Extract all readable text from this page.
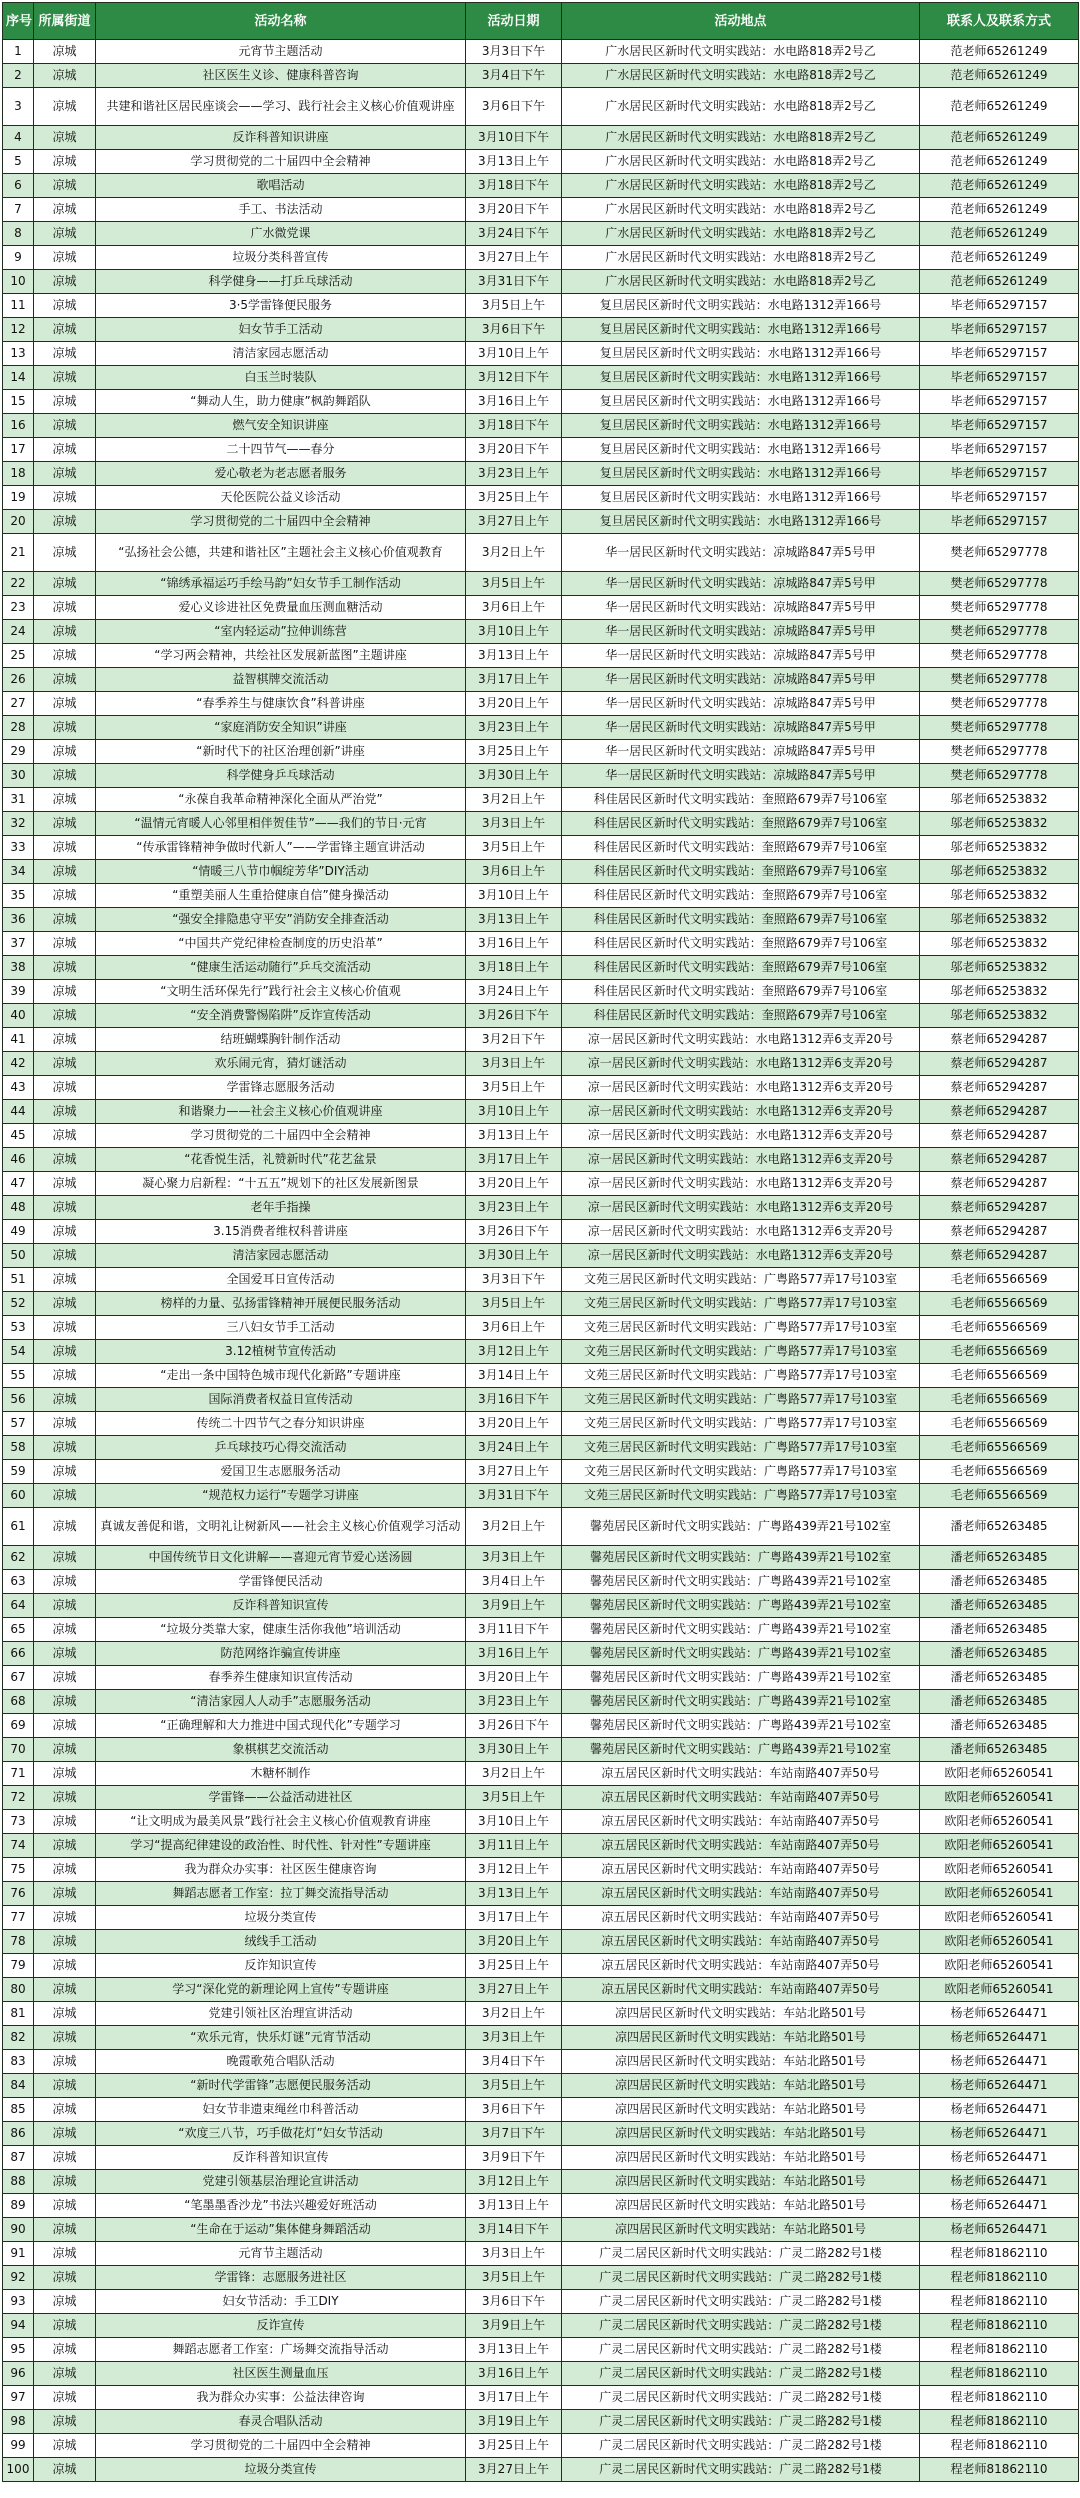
序号	所属街道	活动名称	活动日期	活动地点	联系人及联系方式
1	凉城	元宵节主题活动	3月3日下午	广水居民区新时代文明实践站：水电路818弄2号乙	范老师65261249
2	凉城	社区医生义诊、健康科普咨询	3月4日下午	广水居民区新时代文明实践站：水电路818弄2号乙	范老师65261249
3	凉城	共建和谐社区居民座谈会——学习、践行社会主义核心价值观讲座	3月6日下午	广水居民区新时代文明实践站：水电路818弄2号乙	范老师65261249
4	凉城	反诈科普知识讲座	3月10日下午	广水居民区新时代文明实践站：水电路818弄2号乙	范老师65261249
5	凉城	学习贯彻党的二十届四中全会精神	3月13日上午	广水居民区新时代文明实践站：水电路818弄2号乙	范老师65261249
6	凉城	歌唱活动	3月18日下午	广水居民区新时代文明实践站：水电路818弄2号乙	范老师65261249
7	凉城	手工、书法活动	3月20日下午	广水居民区新时代文明实践站：水电路818弄2号乙	范老师65261249
8	凉城	广水微党课	3月24日下午	广水居民区新时代文明实践站：水电路818弄2号乙	范老师65261249
9	凉城	垃圾分类科普宣传	3月27日上午	广水居民区新时代文明实践站：水电路818弄2号乙	范老师65261249
10	凉城	科学健身——打乒乓球活动	3月31日下午	广水居民区新时代文明实践站：水电路818弄2号乙	范老师65261249
11	凉城	3·5学雷锋便民服务	3月5日上午	复旦居民区新时代文明实践站：水电路1312弄166号	毕老师65297157
12	凉城	妇女节手工活动	3月6日下午	复旦居民区新时代文明实践站：水电路1312弄166号	毕老师65297157
13	凉城	清洁家园志愿活动	3月10日上午	复旦居民区新时代文明实践站：水电路1312弄166号	毕老师65297157
14	凉城	白玉兰时装队	3月12日下午	复旦居民区新时代文明实践站：水电路1312弄166号	毕老师65297157
15	凉城	“舞动人生，助力健康”枫韵舞蹈队	3月16日上午	复旦居民区新时代文明实践站：水电路1312弄166号	毕老师65297157
16	凉城	燃气安全知识讲座	3月18日下午	复旦居民区新时代文明实践站：水电路1312弄166号	毕老师65297157
17	凉城	二十四节气——春分	3月20日下午	复旦居民区新时代文明实践站：水电路1312弄166号	毕老师65297157
18	凉城	爱心敬老为老志愿者服务	3月23日上午	复旦居民区新时代文明实践站：水电路1312弄166号	毕老师65297157
19	凉城	天伦医院公益义诊活动	3月25日上午	复旦居民区新时代文明实践站：水电路1312弄166号	毕老师65297157
20	凉城	学习贯彻党的二十届四中全会精神	3月27日上午	复旦居民区新时代文明实践站：水电路1312弄166号	毕老师65297157
21	凉城	“弘扬社会公德，共建和谐社区”主题社会主义核心价值观教育	3月2日上午	华一居民区新时代文明实践站：凉城路847弄5号甲	樊老师65297778
22	凉城	“锦绣承福运巧手绘马韵”妇女节手工制作活动	3月5日上午	华一居民区新时代文明实践站：凉城路847弄5号甲	樊老师65297778
23	凉城	爱心义诊进社区免费量血压测血糖活动	3月6日上午	华一居民区新时代文明实践站：凉城路847弄5号甲	樊老师65297778
24	凉城	“室内轻运动”拉伸训练营	3月10日上午	华一居民区新时代文明实践站：凉城路847弄5号甲	樊老师65297778
25	凉城	“学习两会精神，共绘社区发展新蓝图”主题讲座	3月13日上午	华一居民区新时代文明实践站：凉城路847弄5号甲	樊老师65297778
26	凉城	益智棋牌交流活动	3月17日上午	华一居民区新时代文明实践站：凉城路847弄5号甲	樊老师65297778
27	凉城	“春季养生与健康饮食”科普讲座	3月20日上午	华一居民区新时代文明实践站：凉城路847弄5号甲	樊老师65297778
28	凉城	“家庭消防安全知识”讲座	3月23日上午	华一居民区新时代文明实践站：凉城路847弄5号甲	樊老师65297778
29	凉城	“新时代下的社区治理创新”讲座	3月25日上午	华一居民区新时代文明实践站：凉城路847弄5号甲	樊老师65297778
30	凉城	科学健身乒乓球活动	3月30日上午	华一居民区新时代文明实践站：凉城路847弄5号甲	樊老师65297778
31	凉城	“永葆自我革命精神深化全面从严治党”	3月2日上午	科佳居民区新时代文明实践站：奎照路679弄7号106室	邬老师65253832
32	凉城	“温情元宵暖人心邻里相伴贺佳节”——我们的节日·元宵	3月3日上午	科佳居民区新时代文明实践站：奎照路679弄7号106室	邬老师65253832
33	凉城	“传承雷锋精神争做时代新人”——学雷锋主题宣讲活动	3月5日上午	科佳居民区新时代文明实践站：奎照路679弄7号106室	邬老师65253832
34	凉城	“情暖三八节巾帼绽芳华”DIY活动	3月6日上午	科佳居民区新时代文明实践站：奎照路679弄7号106室	邬老师65253832
35	凉城	“重塑美丽人生重拾健康自信”健身操活动	3月10日上午	科佳居民区新时代文明实践站：奎照路679弄7号106室	邬老师65253832
36	凉城	“强安全排隐患守平安”消防安全排查活动	3月13日上午	科佳居民区新时代文明实践站：奎照路679弄7号106室	邬老师65253832
37	凉城	“中国共产党纪律检查制度的历史沿革”	3月16日上午	科佳居民区新时代文明实践站：奎照路679弄7号106室	邬老师65253832
38	凉城	“健康生活运动随行”乒乓交流活动	3月18日上午	科佳居民区新时代文明实践站：奎照路679弄7号106室	邬老师65253832
39	凉城	“文明生活环保先行”践行社会主义核心价值观	3月24日上午	科佳居民区新时代文明实践站：奎照路679弄7号106室	邬老师65253832
40	凉城	“安全消费警惕陷阱”反诈宣传活动	3月26日下午	科佳居民区新时代文明实践站：奎照路679弄7号106室	邬老师65253832
41	凉城	结班蝴蝶胸针制作活动	3月2日下午	凉一居民区新时代文明实践站：水电路1312弄6支弄20号	蔡老师65294287
42	凉城	欢乐闹元宵，猜灯谜活动	3月3日上午	凉一居民区新时代文明实践站：水电路1312弄6支弄20号	蔡老师65294287
43	凉城	学雷锋志愿服务活动	3月5日上午	凉一居民区新时代文明实践站：水电路1312弄6支弄20号	蔡老师65294287
44	凉城	和谐聚力——社会主义核心价值观讲座	3月10日上午	凉一居民区新时代文明实践站：水电路1312弄6支弄20号	蔡老师65294287
45	凉城	学习贯彻党的二十届四中全会精神	3月13日上午	凉一居民区新时代文明实践站：水电路1312弄6支弄20号	蔡老师65294287
46	凉城	“花香悦生活，礼赞新时代”花艺盆景	3月17日上午	凉一居民区新时代文明实践站：水电路1312弄6支弄20号	蔡老师65294287
47	凉城	凝心聚力启新程：“十五五”规划下的社区发展新图景	3月20日上午	凉一居民区新时代文明实践站：水电路1312弄6支弄20号	蔡老师65294287
48	凉城	老年手指操	3月23日上午	凉一居民区新时代文明实践站：水电路1312弄6支弄20号	蔡老师65294287
49	凉城	3.15消费者维权科普讲座	3月26日下午	凉一居民区新时代文明实践站：水电路1312弄6支弄20号	蔡老师65294287
50	凉城	清洁家园志愿活动	3月30日上午	凉一居民区新时代文明实践站：水电路1312弄6支弄20号	蔡老师65294287
51	凉城	全国爱耳日宣传活动	3月3日下午	文苑三居民区新时代文明实践站：广粤路577弄17号103室	毛老师65566569
52	凉城	榜样的力量、弘扬雷锋精神开展便民服务活动	3月5日上午	文苑三居民区新时代文明实践站：广粤路577弄17号103室	毛老师65566569
53	凉城	三八妇女节手工活动	3月6日上午	文苑三居民区新时代文明实践站：广粤路577弄17号103室	毛老师65566569
54	凉城	3.12植树节宣传活动	3月12日上午	文苑三居民区新时代文明实践站：广粤路577弄17号103室	毛老师65566569
55	凉城	“走出一条中国特色城市现代化新路”专题讲座	3月14日上午	文苑三居民区新时代文明实践站：广粤路577弄17号103室	毛老师65566569
56	凉城	国际消费者权益日宣传活动	3月16日下午	文苑三居民区新时代文明实践站：广粤路577弄17号103室	毛老师65566569
57	凉城	传统二十四节气之春分知识讲座	3月20日上午	文苑三居民区新时代文明实践站：广粤路577弄17号103室	毛老师65566569
58	凉城	乒乓球技巧心得交流活动	3月24日上午	文苑三居民区新时代文明实践站：广粤路577弄17号103室	毛老师65566569
59	凉城	爱国卫生志愿服务活动	3月27日上午	文苑三居民区新时代文明实践站：广粤路577弄17号103室	毛老师65566569
60	凉城	“规范权力运行”专题学习讲座	3月31日下午	文苑三居民区新时代文明实践站：广粤路577弄17号103室	毛老师65566569
61	凉城	真诚友善促和谐，文明礼让树新风——社会主义核心价值观学习活动	3月2日上午	馨苑居民区新时代文明实践站：广粤路439弄21号102室	潘老师65263485
62	凉城	中国传统节日文化讲解——喜迎元宵节爱心送汤圆	3月3日上午	馨苑居民区新时代文明实践站：广粤路439弄21号102室	潘老师65263485
63	凉城	学雷锋便民活动	3月4日上午	馨苑居民区新时代文明实践站：广粤路439弄21号102室	潘老师65263485
64	凉城	反诈科普知识宣传	3月9日上午	馨苑居民区新时代文明实践站：广粤路439弄21号102室	潘老师65263485
65	凉城	“垃圾分类靠大家，健康生活你我他”培训活动	3月11日下午	馨苑居民区新时代文明实践站：广粤路439弄21号102室	潘老师65263485
66	凉城	防范网络诈骗宣传讲座	3月16日上午	馨苑居民区新时代文明实践站：广粤路439弄21号102室	潘老师65263485
67	凉城	春季养生健康知识宣传活动	3月20日上午	馨苑居民区新时代文明实践站：广粤路439弄21号102室	潘老师65263485
68	凉城	“清洁家园人人动手”志愿服务活动	3月23日上午	馨苑居民区新时代文明实践站：广粤路439弄21号102室	潘老师65263485
69	凉城	“正确理解和大力推进中国式现代化”专题学习	3月26日下午	馨苑居民区新时代文明实践站：广粤路439弄21号102室	潘老师65263485
70	凉城	象棋棋艺交流活动	3月30日上午	馨苑居民区新时代文明实践站：广粤路439弄21号102室	潘老师65263485
71	凉城	木糖杯制作	3月2日上午	凉五居民区新时代文明实践站：车站南路407弄50号	欧阳老师65260541
72	凉城	学雷锋——公益活动进社区	3月5日上午	凉五居民区新时代文明实践站：车站南路407弄50号	欧阳老师65260541
73	凉城	“让文明成为最美风景”践行社会主义核心价值观教育讲座	3月10日上午	凉五居民区新时代文明实践站：车站南路407弄50号	欧阳老师65260541
74	凉城	学习“提高纪律建设的政治性、时代性、针对性”专题讲座	3月11日上午	凉五居民区新时代文明实践站：车站南路407弄50号	欧阳老师65260541
75	凉城	我为群众办实事：社区医生健康咨询	3月12日上午	凉五居民区新时代文明实践站：车站南路407弄50号	欧阳老师65260541
76	凉城	舞蹈志愿者工作室：拉丁舞交流指导活动	3月13日上午	凉五居民区新时代文明实践站：车站南路407弄50号	欧阳老师65260541
77	凉城	垃圾分类宣传	3月17日上午	凉五居民区新时代文明实践站：车站南路407弄50号	欧阳老师65260541
78	凉城	绒线手工活动	3月20日上午	凉五居民区新时代文明实践站：车站南路407弄50号	欧阳老师65260541
79	凉城	反诈知识宣传	3月25日上午	凉五居民区新时代文明实践站：车站南路407弄50号	欧阳老师65260541
80	凉城	学习“深化党的新理论网上宣传”专题讲座	3月27日上午	凉五居民区新时代文明实践站：车站南路407弄50号	欧阳老师65260541
81	凉城	党建引领社区治理宣讲活动	3月2日上午	凉四居民区新时代文明实践站：车站北路501号	杨老师65264471
82	凉城	“欢乐元宵，快乐灯谜”元宵节活动	3月3日上午	凉四居民区新时代文明实践站：车站北路501号	杨老师65264471
83	凉城	晚霞歌苑合唱队活动	3月4日下午	凉四居民区新时代文明实践站：车站北路501号	杨老师65264471
84	凉城	“新时代学雷锋”志愿便民服务活动	3月5日上午	凉四居民区新时代文明实践站：车站北路501号	杨老师65264471
85	凉城	妇女节非遗束绳丝巾科普活动	3月6日下午	凉四居民区新时代文明实践站：车站北路501号	杨老师65264471
86	凉城	“欢度三八节，巧手做花灯”妇女节活动	3月7日下午	凉四居民区新时代文明实践站：车站北路501号	杨老师65264471
87	凉城	反诈科普知识宣传	3月9日下午	凉四居民区新时代文明实践站：车站北路501号	杨老师65264471
88	凉城	党建引领基层治理论宣讲活动	3月12日上午	凉四居民区新时代文明实践站：车站北路501号	杨老师65264471
89	凉城	“笔墨墨香沙龙”书法兴趣爱好班活动	3月13日上午	凉四居民区新时代文明实践站：车站北路501号	杨老师65264471
90	凉城	“生命在于运动”集体健身舞蹈活动	3月14日下午	凉四居民区新时代文明实践站：车站北路501号	杨老师65264471
91	凉城	元宵节主题活动	3月3日上午	广灵二居民区新时代文明实践站：广灵二路282号1楼	程老师81862110
92	凉城	学雷锋：志愿服务进社区	3月5日上午	广灵二居民区新时代文明实践站：广灵二路282号1楼	程老师81862110
93	凉城	妇女节活动：手工DIY	3月6日下午	广灵二居民区新时代文明实践站：广灵二路282号1楼	程老师81862110
94	凉城	反诈宣传	3月9日上午	广灵二居民区新时代文明实践站：广灵二路282号1楼	程老师81862110
95	凉城	舞蹈志愿者工作室：广场舞交流指导活动	3月13日上午	广灵二居民区新时代文明实践站：广灵二路282号1楼	程老师81862110
96	凉城	社区医生测量血压	3月16日上午	广灵二居民区新时代文明实践站：广灵二路282号1楼	程老师81862110
97	凉城	我为群众办实事：公益法律咨询	3月17日上午	广灵二居民区新时代文明实践站：广灵二路282号1楼	程老师81862110
98	凉城	春灵合唱队活动	3月19日上午	广灵二居民区新时代文明实践站：广灵二路282号1楼	程老师81862110
99	凉城	学习贯彻党的二十届四中全会精神	3月25日上午	广灵二居民区新时代文明实践站：广灵二路282号1楼	程老师81862110
100	凉城	垃圾分类宣传	3月27日上午	广灵二居民区新时代文明实践站：广灵二路282号1楼	程老师81862110
